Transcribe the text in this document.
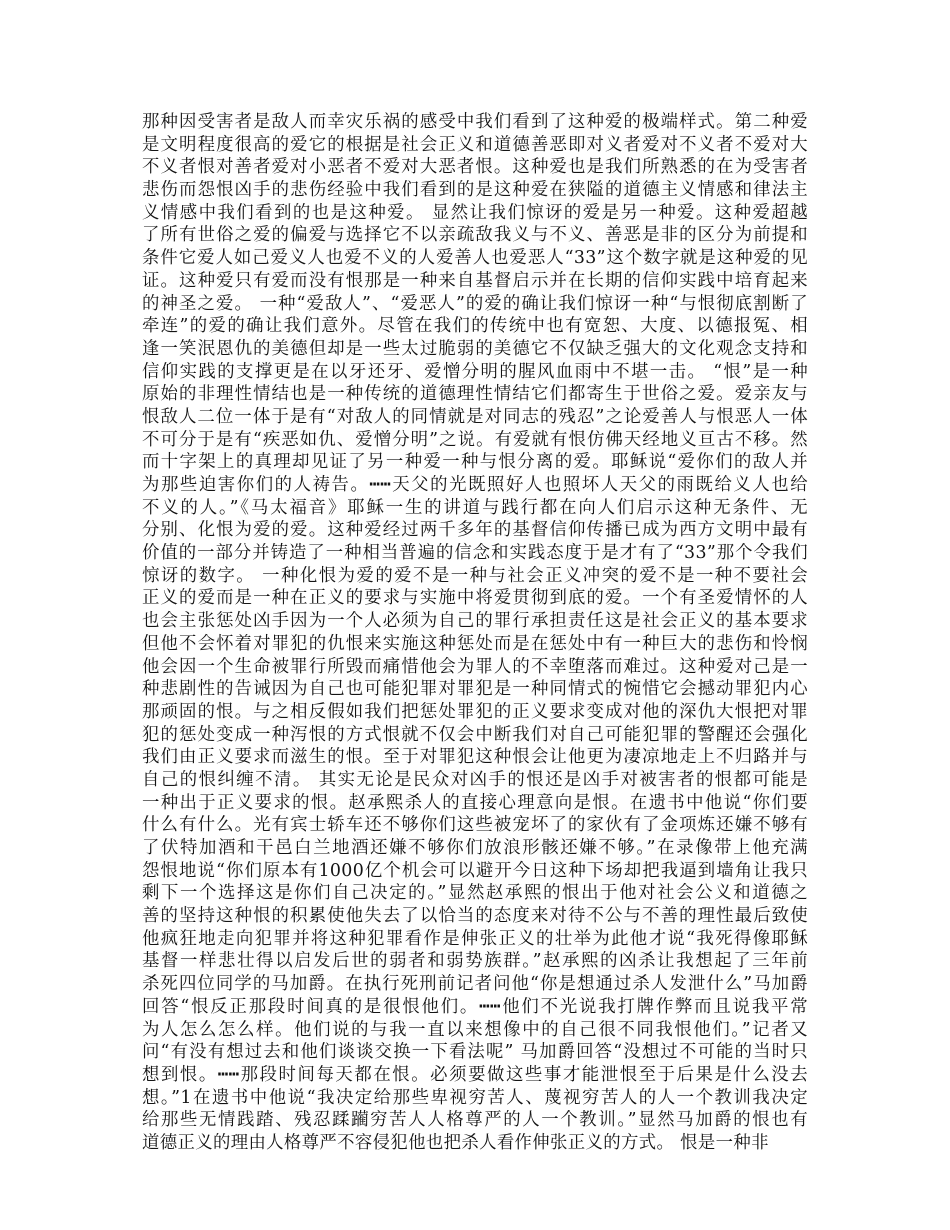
那种因受害者是敌人而幸灾乐祸的感受中我们看到了这种爱的极端样式。第二种爱
是文明程度很高的爱它的根据是社会正义和道德善恶即对义者爱对不义者不爱对大
不义者恨对善者爱对小恶者不爱对大恶者恨。这种爱也是我们所熟悉的在为受害者
悲伤而怨恨凶手的悲伤经验中我们看到的是这种爱在狭隘的道德主义情感和律法主
义情感中我们看到的也是这种爱。 显然让我们惊讶的爱是另一种爱。这种爱超越
了所有世俗之爱的偏爱与选择它不以亲疏敌我义与不义、善恶是非的区分为前提和
条件它爱人如己爱义人也爱不义的人爱善人也爱恶人“33”这个数字就是这种爱的见
证。这种爱只有爱而没有恨那是一种来自基督启示并在长期的信仰实践中培育起来
的神圣之爱。 一种“爱敌人”、“爱恶人”的爱的确让我们惊讶一种“与恨彻底割断了
牵连”的爱的确让我们意外。尽管在我们的传统中也有宽恕、大度、以德报冤、相
逢一笑泯恩仇的美德但却是一些太过脆弱的美德它不仅缺乏强大的文化观念支持和
信仰实践的支撑更是在以牙还牙、爱憎分明的腥风血雨中不堪一击。 “恨”是一种
原始的非理性情结也是一种传统的道德理性情结它们都寄生于世俗之爱。爱亲友与
恨敌人二位一体于是有“对敌人的同情就是对同志的残忍”之论爱善人与恨恶人一体
不可分于是有“疾恶如仇、爱憎分明”之说。有爱就有恨仿佛天经地义亘古不移。然
而十字架上的真理却见证了另一种爱一种与恨分离的爱。耶稣说“爱你们的敌人并
为那些迫害你们的人祷告。┅┅天父的光既照好人也照坏人天父的雨既给义人也给
不义的人。”《马太福音》耶稣一生的讲道与践行都在向人们启示这种无条件、无
分别、化恨为爱的爱。这种爱经过两千多年的基督信仰传播已成为西方文明中最有
价值的一部分并铸造了一种相当普遍的信念和实践态度于是才有了“33”那个令我们
惊讶的数字。 一种化恨为爱的爱不是一种与社会正义冲突的爱不是一种不要社会
正义的爱而是一种在正义的要求与实施中将爱贯彻到底的爱。一个有圣爱情怀的人
也会主张惩处凶手因为一个人必须为自己的罪行承担责任这是社会正义的基本要求
但他不会怀着对罪犯的仇恨来实施这种惩处而是在惩处中有一种巨大的悲伤和怜悯
他会因一个生命被罪行所毁而痛惜他会为罪人的不幸堕落而难过。这种爱对己是一
种悲剧性的告诫因为自己也可能犯罪对罪犯是一种同情式的惋惜它会撼动罪犯内心
那顽固的恨。与之相反假如我们把惩处罪犯的正义要求变成对他的深仇大恨把对罪
犯的惩处变成一种泻恨的方式恨就不仅会中断我们对自己可能犯罪的警醒还会强化
我们由正义要求而滋生的恨。至于对罪犯这种恨会让他更为凄凉地走上不归路并与
自己的恨纠缠不清。 其实无论是民众对凶手的恨还是凶手对被害者的恨都可能是
一种出于正义要求的恨。赵承熙杀人的直接心理意向是恨。在遗书中他说“你们要
什么有什么。光有宾士轿车还不够你们这些被宠坏了的家伙有了金项炼还嫌不够有
了伏特加酒和干邑白兰地酒还嫌不够你们放浪形骸还嫌不够。”在录像带上他充满
怨恨地说“你们原本有1000亿个机会可以避开今日这种下场却把我逼到墙角让我只
剩下一个选择这是你们自己决定的。”显然赵承熙的恨出于他对社会公义和道德之
善的坚持这种恨的积累使他失去了以恰当的态度来对待不公与不善的理性最后致使
他疯狂地走向犯罪并将这种犯罪看作是伸张正义的壮举为此他才说“我死得像耶稣
基督一样悲壮得以启发后世的弱者和弱势族群。”赵承熙的凶杀让我想起了三年前
杀死四位同学的马加爵。在执行死刑前记者问他“你是想通过杀人发泄什么”马加爵
回答“恨反正那段时间真的是很恨他们。┅┅他们不光说我打牌作弊而且说我平常
为人怎么怎么样。他们说的与我一直以来想像中的自己很不同我恨他们。”记者又
问“有没有想过去和他们谈谈交换一下看法呢” 马加爵回答“没想过不可能的当时只
想到恨。┅┅那段时间每天都在恨。必须要做这些事才能泄恨至于后果是什么没去
想。”1在遗书中他说“我决定给那些卑视穷苦人、蔑视穷苦人的人一个教训我决定
给那些无情践踏、残忍蹂躏穷苦人人格尊严的人一个教训。”显然马加爵的恨也有
道德正义的理由人格尊严不容侵犯他也把杀人看作伸张正义的方式。 恨是一种非
